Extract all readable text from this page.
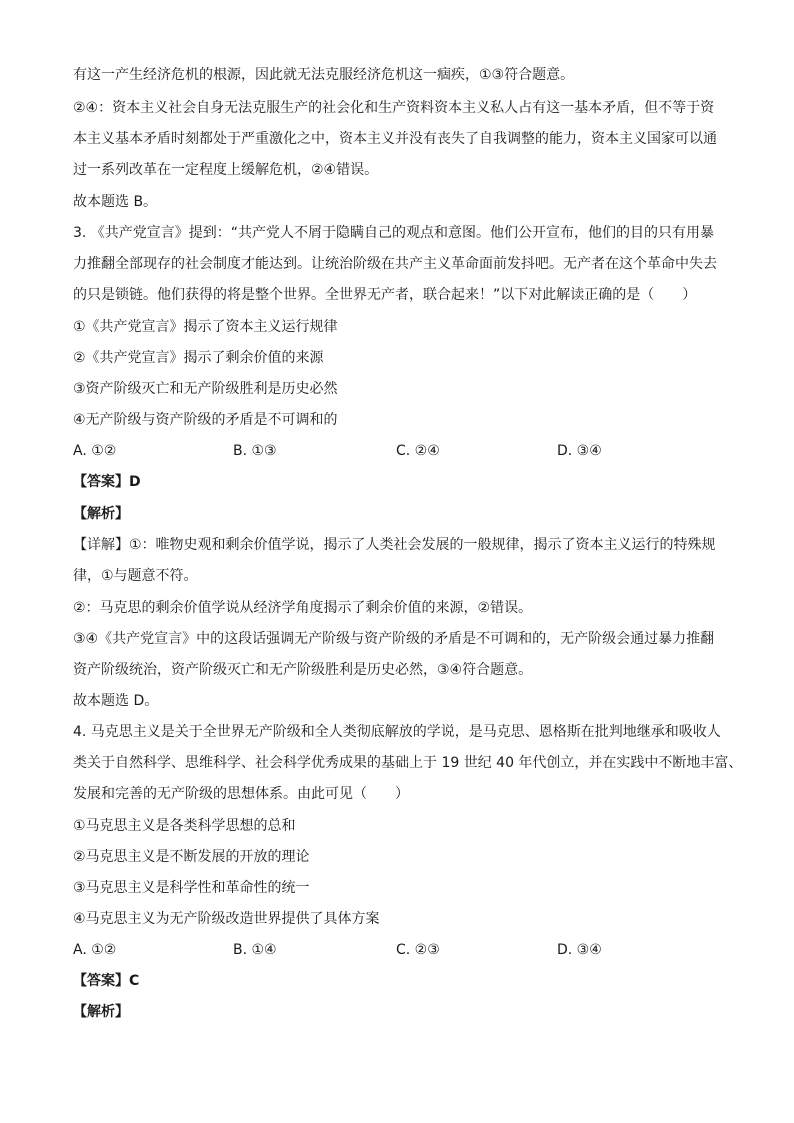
有这一产生经济危机的根源，因此就无法克服经济危机这一痼疾，①③符合题意。
②④：资本主义社会自身无法克服生产的社会化和生产资料资本主义私人占有这一基本矛盾，但不等于资
本主义基本矛盾时刻都处于严重激化之中，资本主义并没有丧失了自我调整的能力，资本主义国家可以通
过一系列改革在一定程度上缓解危机，②④错误。
故本题选 B。
3. 《共产党宣言》提到：“共产党人不屑于隐瞒自己的观点和意图。他们公开宣布，他们的目的只有用暴
力推翻全部现存的社会制度才能达到。让统治阶级在共产主义革命面前发抖吧。无产者在这个革命中失去
的只是锁链。他们获得的将是整个世界。全世界无产者，联合起来！”以下对此解读正确的是（　　）
①《共产党宣言》揭示了资本主义运行规律
②《共产党宣言》揭示了剩余价值的来源
③资产阶级灭亡和无产阶级胜利是历史必然
④无产阶级与资产阶级的矛盾是不可调和的
A. ①②	B. ①③	C. ②④	D. ③④
【答案】D
【解析】
【详解】①：唯物史观和剩余价值学说，揭示了人类社会发展的一般规律，揭示了资本主义运行的特殊规
律，①与题意不符。
②：马克思的剩余价值学说从经济学角度揭示了剩余价值的来源，②错误。
③④《共产党宣言》中的这段话强调无产阶级与资产阶级的矛盾是不可调和的，无产阶级会通过暴力推翻
资产阶级统治，资产阶级灭亡和无产阶级胜利是历史必然，③④符合题意。
故本题选 D。
4. 马克思主义是关于全世界无产阶级和全人类彻底解放的学说，是马克思、恩格斯在批判地继承和吸收人
类关于自然科学、思维科学、社会科学优秀成果的基础上于 19 世纪 40 年代创立，并在实践中不断地丰富、
发展和完善的无产阶级的思想体系。由此可见（　　）
①马克思主义是各类科学思想的总和
②马克思主义是不断发展的开放的理论
③马克思主义是科学性和革命性的统一
④马克思主义为无产阶级改造世界提供了具体方案
A. ①②	B. ①④	C. ②③	D. ③④
【答案】C
【解析】
